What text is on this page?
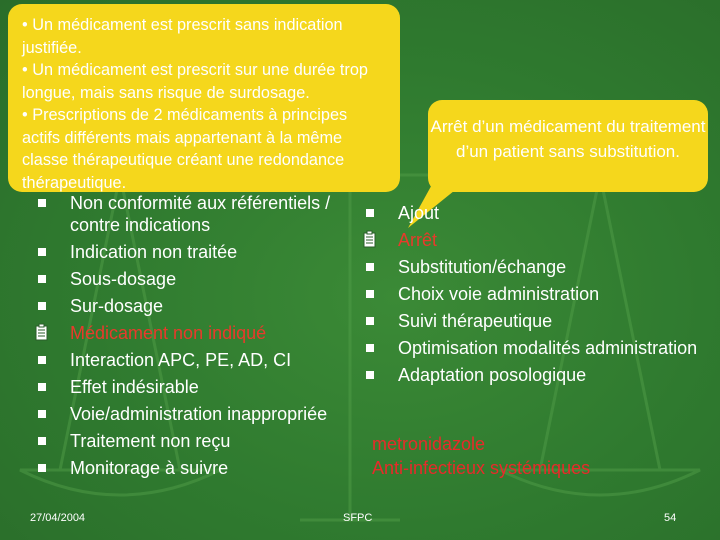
• Un médicament est prescrit sans indication justifiée.
• Un médicament est prescrit sur une durée trop longue, mais sans risque de surdosage.
• Prescriptions de 2 médicaments à principes actifs différents mais appartenant à la même classe thérapeutique créant une redondance thérapeutique.
Arrêt d’un médicament du traitement d’un patient sans substitution.
Non conformité aux référentiels / contre indications
Indication non traitée
Sous-dosage
Sur-dosage
Médicament non indiqué
Interaction APC, PE, AD, CI
Effet indésirable
Voie/administration inappropriée
Traitement non reçu
Monitorage à suivre
Ajout
Arrêt
Substitution/échange
Choix voie administration
Suivi thérapeutique
Optimisation modalités administration
Adaptation posologique
metronidazole
Anti-infectieux systémiques
27/04/2004	SFPC	54
